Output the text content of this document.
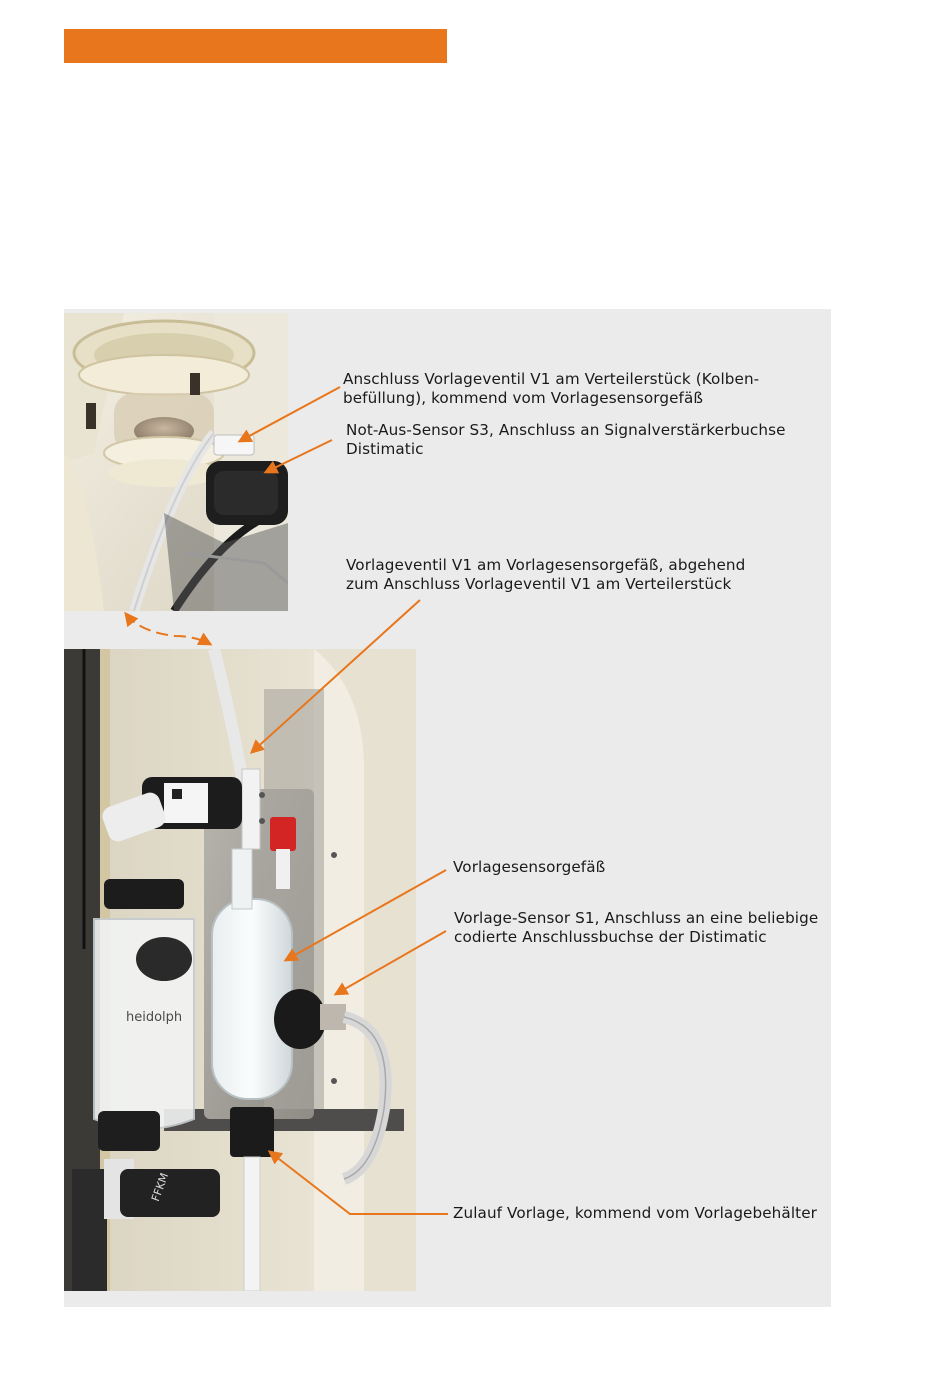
heidolph
FFKM
Anschluss Vorlageventil V1 am Verteilerstück (Kolben-
befüllung), kommend vom Vorlagesensorgefäß
Not-Aus-Sensor S3, Anschluss an Signalverstärkerbuchse
Distimatic
Vorlageventil V1 am Vorlagesensorgefäß, abgehend
zum Anschluss Vorlageventil V1 am Verteilerstück
Vorlagesensorgefäß
Vorlage-Sensor S1, Anschluss an eine beliebige
codierte Anschlussbuchse der Distimatic
Zulauf Vorlage, kommend vom Vorlagebehälter
